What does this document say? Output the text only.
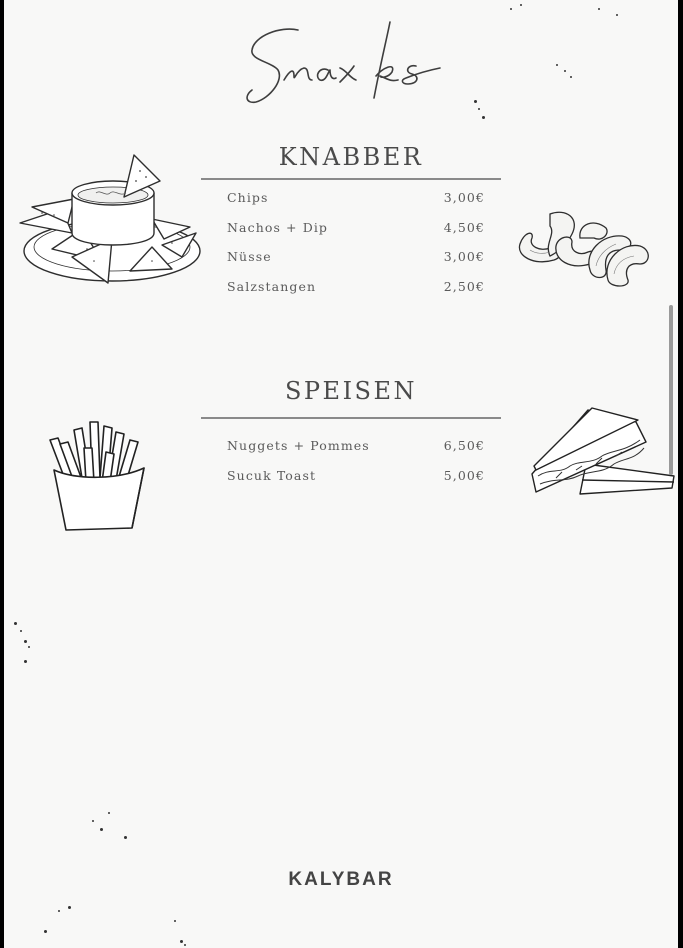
KNABBER
Chips	3,00€
Nachos + Dip	4,50€
Nüsse	3,00€
Salzstangen	2,50€
SPEISEN
Nuggets + Pommes	6,50€
Sucuk Toast	5,00€
KALYBAR
